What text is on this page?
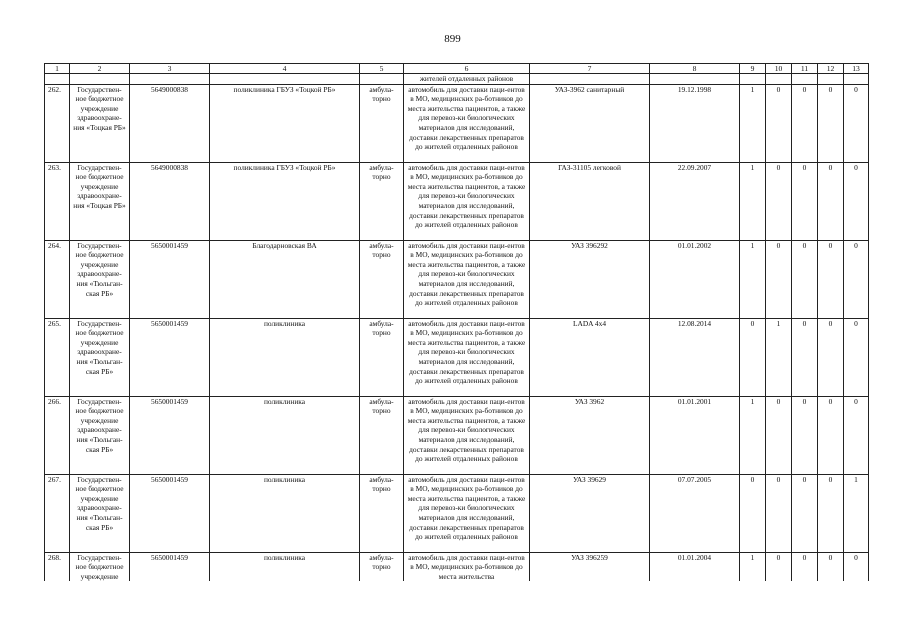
899
1	2	3	4	5	6	7	8	9	10	11	12	13
					жителей отдаленных районов							
262.	Государствен-ное бюджетное учреждение здравоохране-ния «Тоцкая РБ»	5649000838	поликлиника ГБУЗ «Тоцкой РБ»	амбула-торно	автомобиль для доставки паци-ентов в МО, медицинских ра-ботников до места жительства пациентов, а также для перевоз-ки биологических материалов для исследований, доставки лекарственных препаратов до жителей отдаленных районов	УАЗ-3962 санитарный	19.12.1998	1	0	0	0	0
263.	Государствен-ное бюджетное учреждение здравоохране-ния «Тоцкая РБ»	5649000838	поликлиника ГБУЗ «Тоцкой РБ»	амбула-торно	автомобиль для доставки паци-ентов в МО, медицинских ра-ботников до места жительства пациентов, а также для перевоз-ки биологических материалов для исследований, доставки лекарственных препаратов до жителей отдаленных районов	ГАЗ-31105 легковой	22.09.2007	1	0	0	0	0
264.	Государствен-ное бюджетное учреждение здравоохране-ния «Тюльган-ская РБ»	5650001459	Благодарновская ВА	амбула-торно	автомобиль для доставки паци-ентов в МО, медицинских ра-ботников до места жительства пациентов, а также для перевоз-ки биологических материалов для исследований, доставки лекарственных препаратов до жителей отдаленных районов	УАЗ 396292	01.01.2002	1	0	0	0	0
265.	Государствен-ное бюджетное учреждение здравоохране-ния «Тюльган-ская РБ»	5650001459	поликлиника	амбула-торно	автомобиль для доставки паци-ентов в МО, медицинских ра-ботников до места жительства пациентов, а также для перевоз-ки биологических материалов для исследований, доставки лекарственных препаратов до жителей отдаленных районов	LADA 4x4	12.08.2014	0	1	0	0	0
266.	Государствен-ное бюджетное учреждение здравоохране-ния «Тюльган-ская РБ»	5650001459	поликлиника	амбула-торно	автомобиль для доставки паци-ентов в МО, медицинских ра-ботников до места жительства пациентов, а также для перевоз-ки биологических материалов для исследований, доставки лекарственных препаратов до жителей отдаленных районов	УАЗ 3962	01.01.2001	1	0	0	0	0
267.	Государствен-ное бюджетное учреждение здравоохране-ния «Тюльган-ская РБ»	5650001459	поликлиника	амбула-торно	автомобиль для доставки паци-ентов в МО, медицинских ра-ботников до места жительства пациентов, а также для перевоз-ки биологических материалов для исследований, доставки лекарственных препаратов до жителей отдаленных районов	УАЗ 39629	07.07.2005	0	0	0	0	1
268.	Государствен-ное бюджетное учреждение	5650001459	поликлиника	амбула-торно	автомобиль для доставки паци-ентов в МО, медицинских ра-ботников до места жительства	УАЗ 396259	01.01.2004	1	0	0	0	0
